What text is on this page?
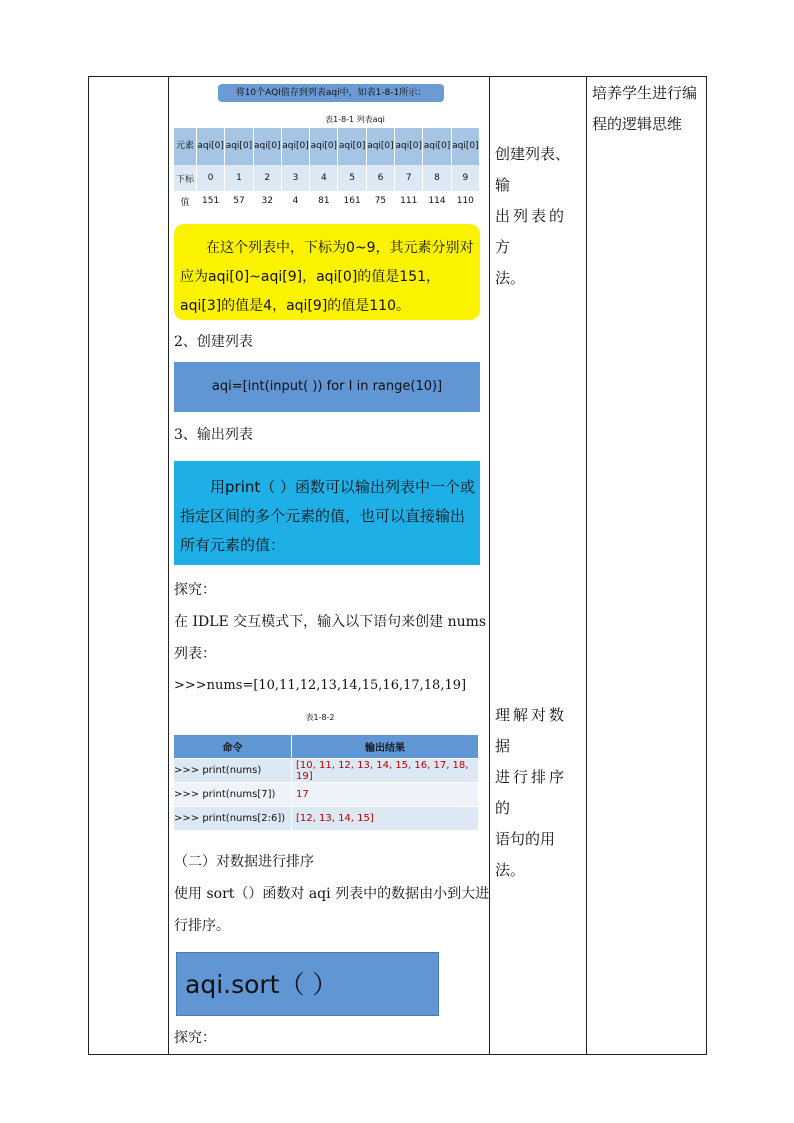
将10个AQI值存到列表aqi中，如表1-8-1所示：
表1-8-1 列表aqi
元素	aqi[0]	aqi[0]	aqi[0]	aqi[0]	aqi[0]	aqi[0]	aqi[0]	aqi[0]	aqi[0]	aqi[0]
下标	0	1	2	3	4	5	6	7	8	9
值	151	57	32	4	81	161	75	111	114	110
在这个列表中，下标为0~9，其元素分别对应为aqi[0]~aqi[9]，aqi[0]的值是151，aqi[3]的值是4，aqi[9]的值是110。
2、创建列表
aqi=[int(input( )) for I in range(10)]
3、输出列表
用print（ ）函数可以输出列表中一个或指定区间的多个元素的值，也可以直接输出所有元素的值：
探究：
在 IDLE 交互模式下，输入以下语句来创建 nums
列表：
>>>nums=[10,11,12,13,14,15,16,17,18,19]
表1-8-2
命令	输出结果
>>> print(nums)	[10, 11, 12, 13, 14, 15, 16, 17, 18, 19]
>>> print(nums[7])	17
>>> print(nums[2:6])	[12, 13, 14, 15]
（二）对数据进行排序
使用 sort（）函数对 aqi 列表中的数据由小到大进
行排序。
aqi.sort（ ）
探究：
创建列表、输
出列表的方
法。
理解对数据
进行排序的
语句的用法。
培养学生进行编
程的逻辑思维
